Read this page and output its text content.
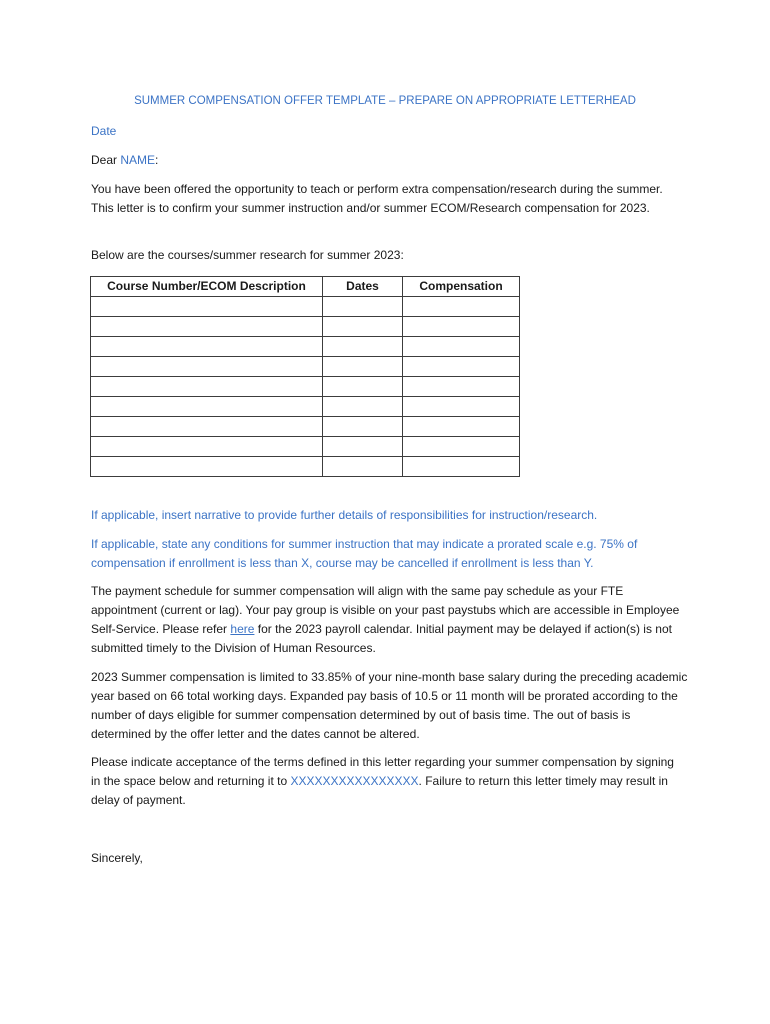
SUMMER COMPENSATION OFFER TEMPLATE – PREPARE ON APPROPRIATE LETTERHEAD

Date

Dear NAME:

You have been offered the opportunity to teach or perform extra compensation/research during the summer. This letter is to confirm your summer instruction and/or summer ECOM/Research compensation for 2023.

Below are the courses/summer research for summer 2023:

Course Number/ECOM Description	Dates	Compensation

If applicable, insert narrative to provide further details of responsibilities for instruction/research.

If applicable, state any conditions for summer instruction that may indicate a prorated scale e.g. 75% of compensation if enrollment is less than X, course may be cancelled if enrollment is less than Y.

The payment schedule for summer compensation will align with the same pay schedule as your FTE appointment (current or lag). Your pay group is visible on your past paystubs which are accessible in Employee Self-Service. Please refer here for the 2023 payroll calendar. Initial payment may be delayed if action(s) is not submitted timely to the Division of Human Resources.

2023 Summer compensation is limited to 33.85% of your nine-month base salary during the preceding academic year based on 66 total working days. Expanded pay basis of 10.5 or 11 month will be prorated according to the number of days eligible for summer compensation determined by out of basis time. The out of basis is determined by the offer letter and the dates cannot be altered.

Please indicate acceptance of the terms defined in this letter regarding your summer compensation by signing in the space below and returning it to XXXXXXXXXXXXXXXX. Failure to return this letter timely may result in delay of payment.

Sincerely,
